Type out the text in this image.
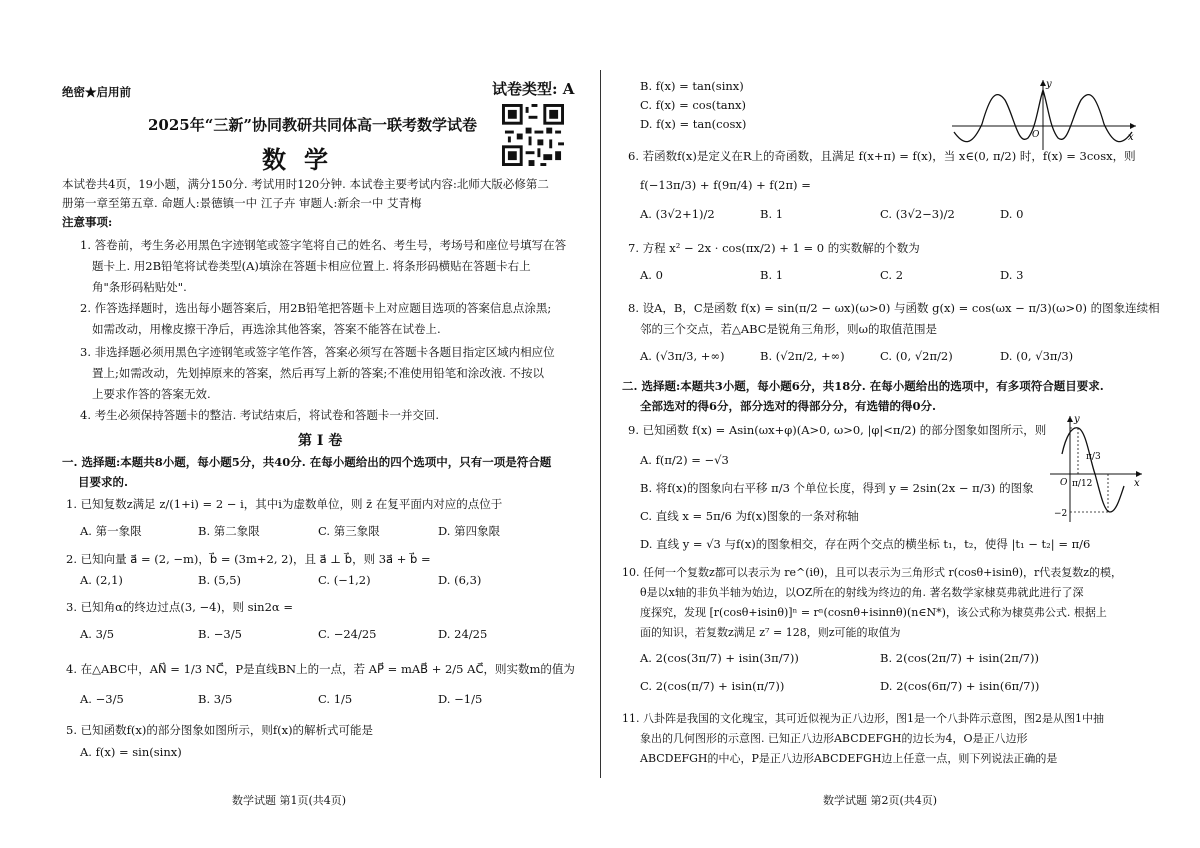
绝密★启用前	试卷类型: A
2025年“三新”协同教研共同体高一联考数学试卷
数学
本试卷共4页，19小题，满分150分. 考试用时120分钟. 本试卷主要考试内容:北师大版必修第二
册第一章至第五章. 命题人:景德镇一中 江子卉 审题人:新余一中 艾青梅
注意事项:
1. 答卷前，考生务必用黑色字迹钢笔或签字笔将自己的姓名、考生号，考场号和座位号填写在答
题卡上. 用2B铅笔将试卷类型(A)填涂在答题卡相应位置上. 将条形码横贴在答题卡右上
角"条形码粘贴处".
2. 作答选择题时，选出每小题答案后，用2B铅笔把答题卡上对应题目选项的答案信息点涂黑;
如需改动，用橡皮擦干净后，再选涂其他答案，答案不能答在试卷上.
3. 非选择题必须用黑色字迹钢笔或签字笔作答，答案必须写在答题卡各题目指定区域内相应位
置上;如需改动，先划掉原来的答案，然后再写上新的答案;不准使用铅笔和涂改液. 不按以
上要求作答的答案无效.
4. 考生必须保持答题卡的整洁. 考试结束后，将试卷和答题卡一并交回.
第 Ⅰ 卷
一. 选择题:本题共8小题，每小题5分，共40分. 在每小题给出的四个选项中，只有一项是符合题
目要求的.
1. 已知复数z满足 z/(1+i) = 2 − i，其中i为虚数单位，则 z̄ 在复平面内对应的点位于
A. 第一象限	B. 第二象限	C. 第三象限	D. 第四象限
2. 已知向量 a⃗ = (2, −m)，b⃗ = (3m+2, 2)，且 a⃗ ⊥ b⃗，则 3a⃗ + b⃗ =
A. (2,1)	B. (5,5)	C. (−1,2)	D. (6,3)
3. 已知角α的终边过点(3, −4)，则 sin2α =
A. 3/5	B. −3/5	C. −24/25	D. 24/25
4. 在△ABC中，AN⃗ = 1/3 NC⃗，P是直线BN上的一点，若 AP⃗ = mAB⃗ + 2/5 AC⃗，则实数m的值为
A. −3/5	B. 3/5	C. 1/5	D. −1/5
5. 已知函数f(x)的部分图象如图所示，则f(x)的解析式可能是
A. f(x) = sin(sinx)
数学试题 第1页(共4页)
B. f(x) = tan(sinx)
C. f(x) = cos(tanx)
D. f(x) = tan(cosx)
y
x
O
6. 若函数f(x)是定义在R上的奇函数，且满足 f(x+π) = f(x)，当 x∈(0, π/2) 时，f(x) = 3cosx，则
f(−13π/3) + f(9π/4) + f(2π) =
A. (3√2+1)/2	B. 1	C. (3√2−3)/2	D. 0
7. 方程 x² − 2x · cos(πx/2) + 1 = 0 的实数解的个数为
A. 0	B. 1	C. 2	D. 3
8. 设A，B，C是函数 f(x) = sin(π/2 − ωx)(ω>0) 与函数 g(x) = cos(ωx − π/3)(ω>0) 的图象连续相
邻的三个交点，若△ABC是锐角三角形，则ω的取值范围是
A. (√3π/3, +∞)	B. (√2π/2, +∞)	C. (0, √2π/2)	D. (0, √3π/3)
二. 选择题:本题共3小题，每小题6分，共18分. 在每小题给出的选项中，有多项符合题目要求.
全部选对的得6分，部分选对的得部分分，有选错的得0分.
9. 已知函数 f(x) = Asin(ωx+φ)(A>0, ω>0, |φ|<π/2) 的部分图象如图所示，则
A. f(π/2) = −√3
B. 将f(x)的图象向右平移 π/3 个单位长度，得到 y = 2sin(2x − π/3) 的图象
C. 直线 x = 5π/6 为f(x)图象的一条对称轴
D. 直线 y = √3 与f(x)的图象相交，存在两个交点的横坐标 t₁，t₂，使得 |t₁ − t₂| = π/6
π/3
π/12
−2
y
x
O
10. 任何一个复数z都可以表示为 re^(iθ)，且可以表示为三角形式 r(cosθ+isinθ)，r代表复数z的模，
θ是以x轴的非负半轴为始边，以OZ所在的射线为终边的角. 著名数学家棣莫弗就此进行了深
度探究，发现 [r(cosθ+isinθ)]ⁿ = rⁿ(cosnθ+isinnθ)(n∈N*)，该公式称为棣莫弗公式. 根据上
面的知识，若复数z满足 z⁷ = 128，则z可能的取值为
A. 2(cos(3π/7) + isin(3π/7))	B. 2(cos(2π/7) + isin(2π/7))
C. 2(cos(π/7) + isin(π/7))	D. 2(cos(6π/7) + isin(6π/7))
11. 八卦阵是我国的文化瑰宝，其可近似视为正八边形，图1是一个八卦阵示意图，图2是从图1中抽
象出的几何图形的示意图. 已知正八边形ABCDEFGH的边长为4，O是正八边形
ABCDEFGH的中心，P是正八边形ABCDEFGH边上任意一点，则下列说法正确的是
数学试题 第2页(共4页)
